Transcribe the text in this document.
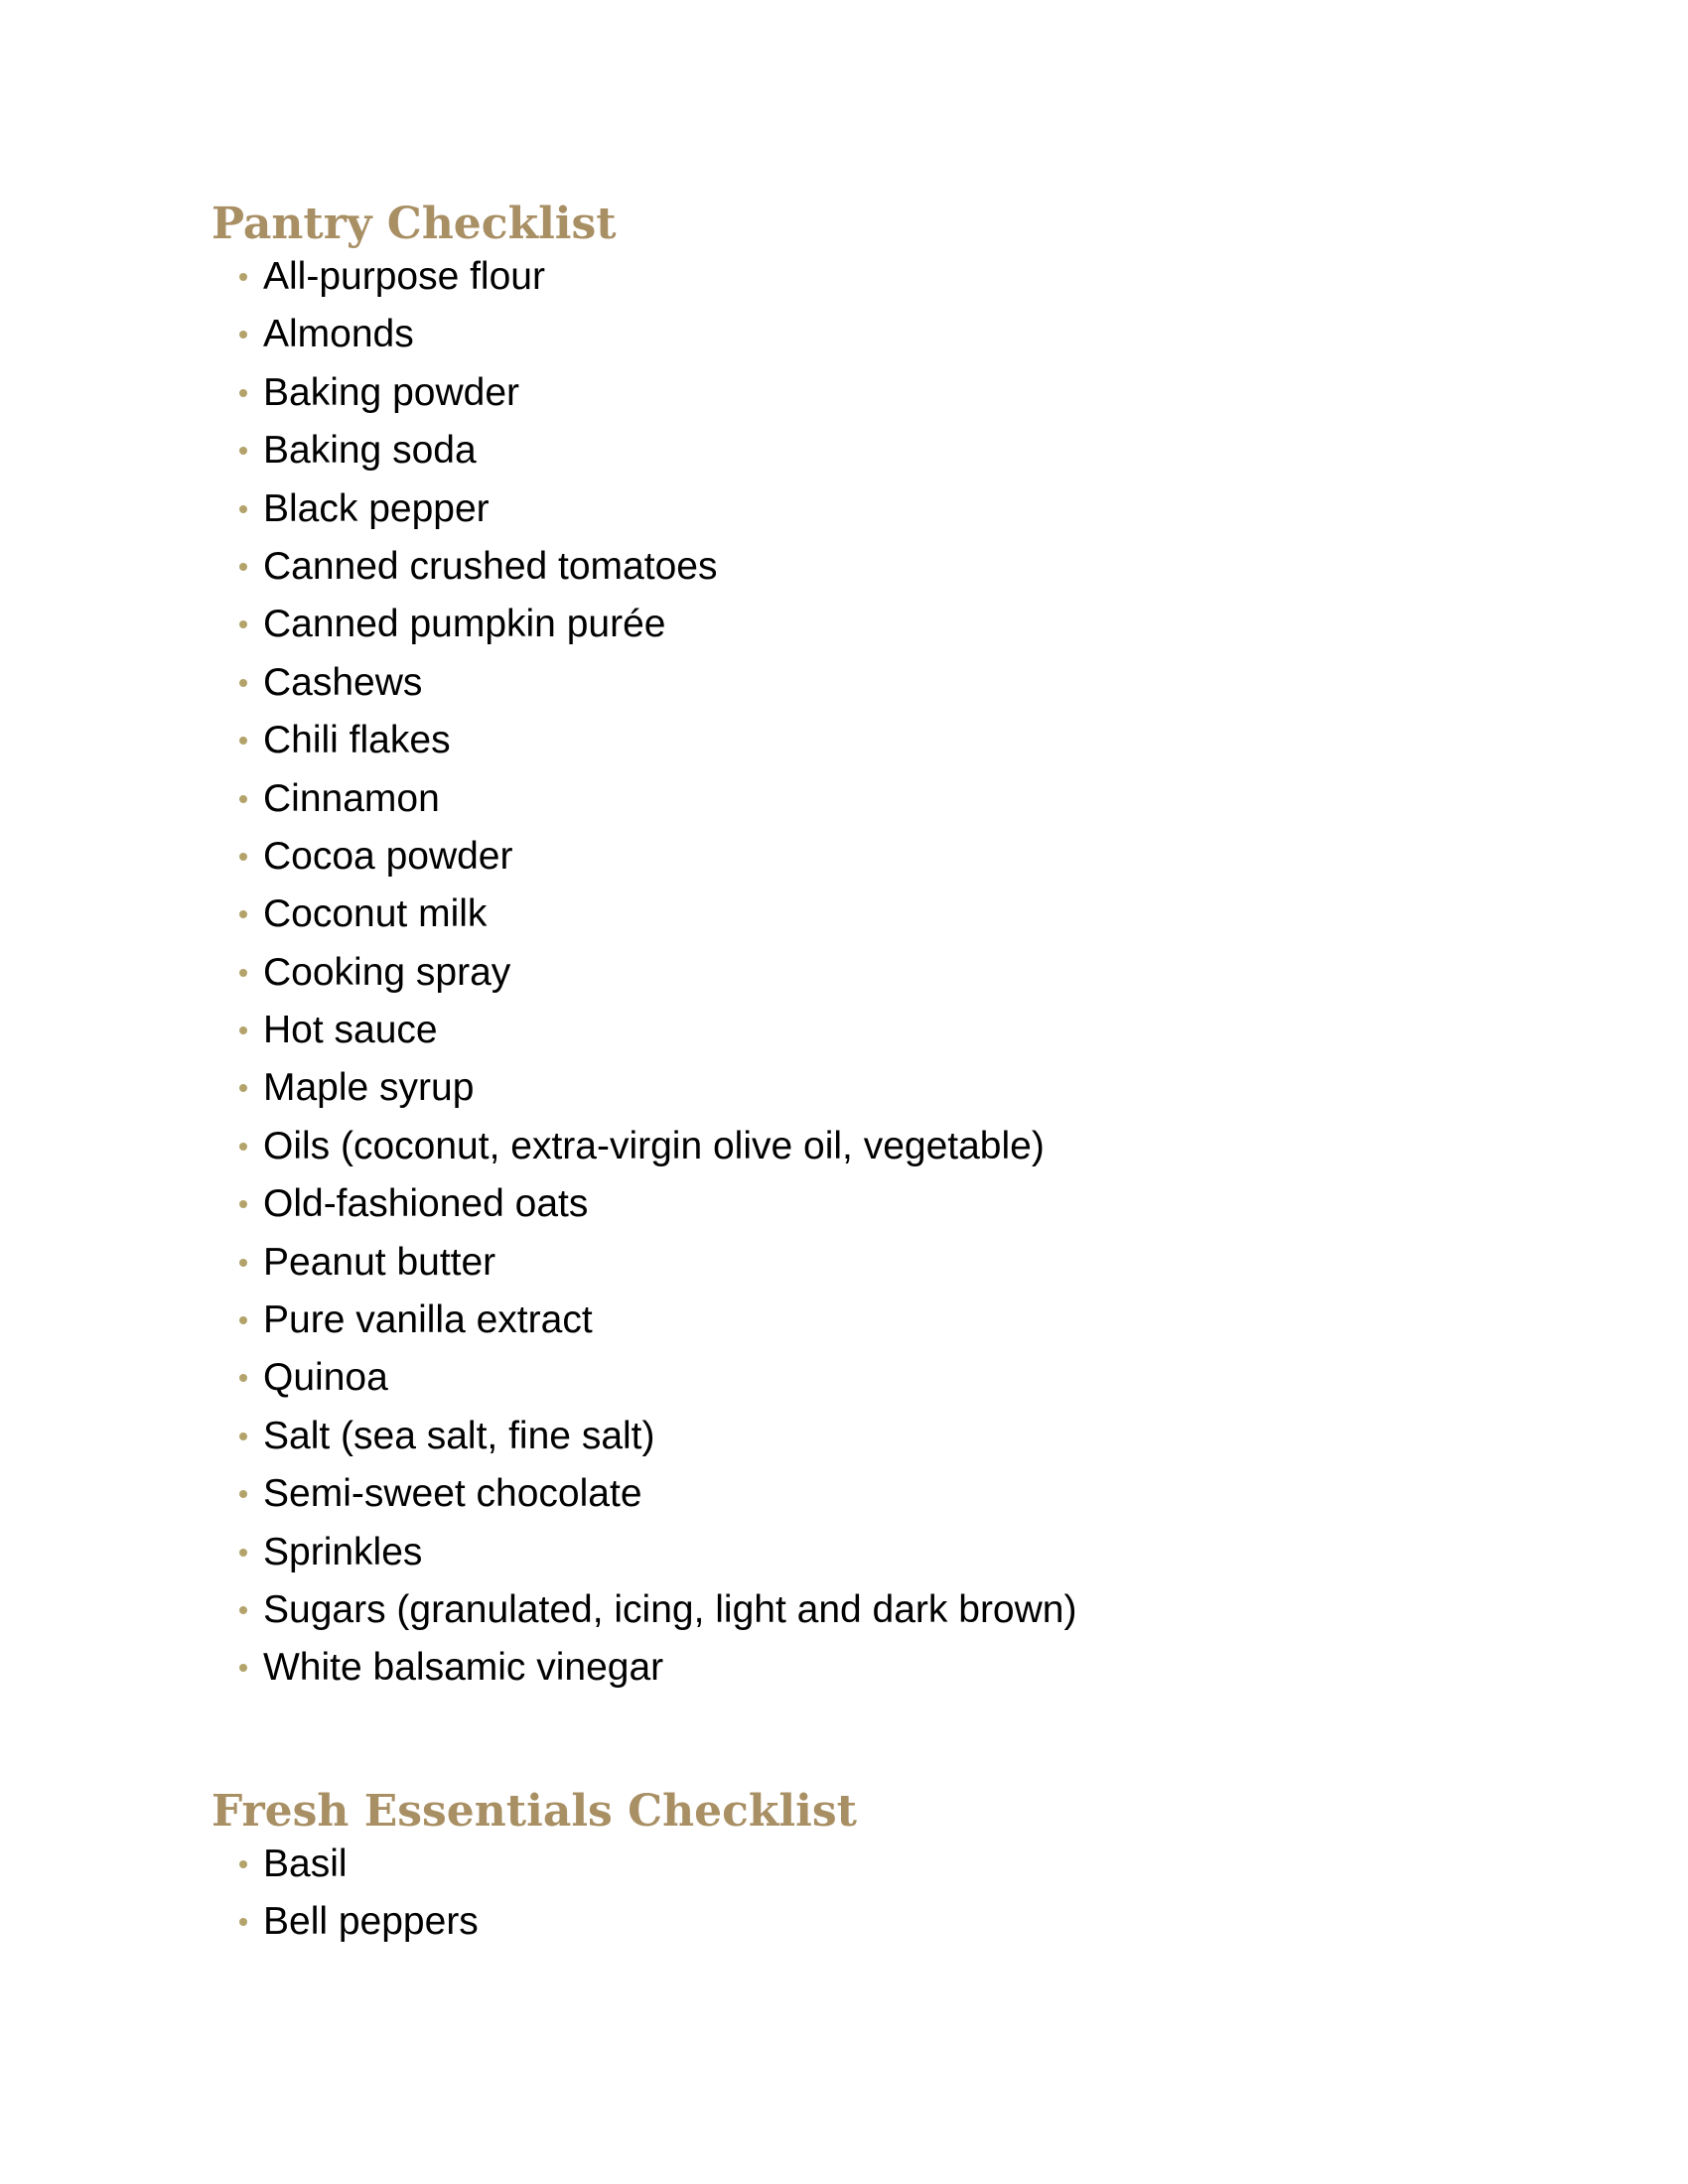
Pantry Checklist
All-purpose flour
Almonds
Baking powder
Baking soda
Black pepper
Canned crushed tomatoes
Canned pumpkin purée
Cashews
Chili flakes
Cinnamon
Cocoa powder
Coconut milk
Cooking spray
Hot sauce
Maple syrup
Oils (coconut, extra-virgin olive oil, vegetable)
Old-fashioned oats
Peanut butter
Pure vanilla extract
Quinoa
Salt (sea salt, fine salt)
Semi-sweet chocolate
Sprinkles
Sugars (granulated, icing, light and dark brown)
White balsamic vinegar
Fresh Essentials Checklist
Basil
Bell peppers
